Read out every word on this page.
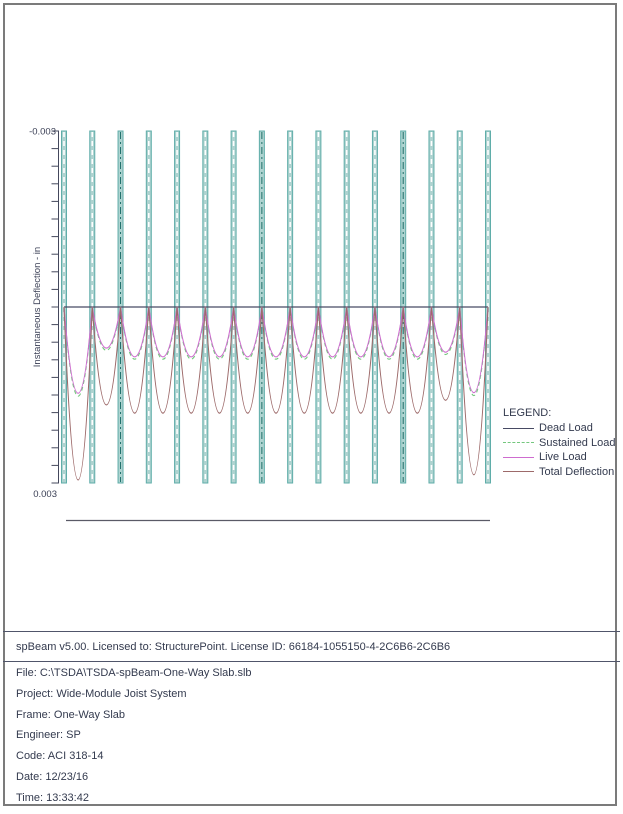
-0.003
0.003
Instantaneous Deflection - in
LEGEND:
Dead Load
Sustained Load
Live Load
Total Deflection
spBeam v5.00. Licensed to: StructurePoint. License ID: 66184-1055150-4-2C6B6-2C6B6
File: C:\TSDA\TSDA-spBeam-One-Way Slab.slb
Project: Wide-Module Joist System
Frame: One-Way Slab
Engineer: SP
Code: ACI 318-14
Date: 12/23/16
Time: 13:33:42
